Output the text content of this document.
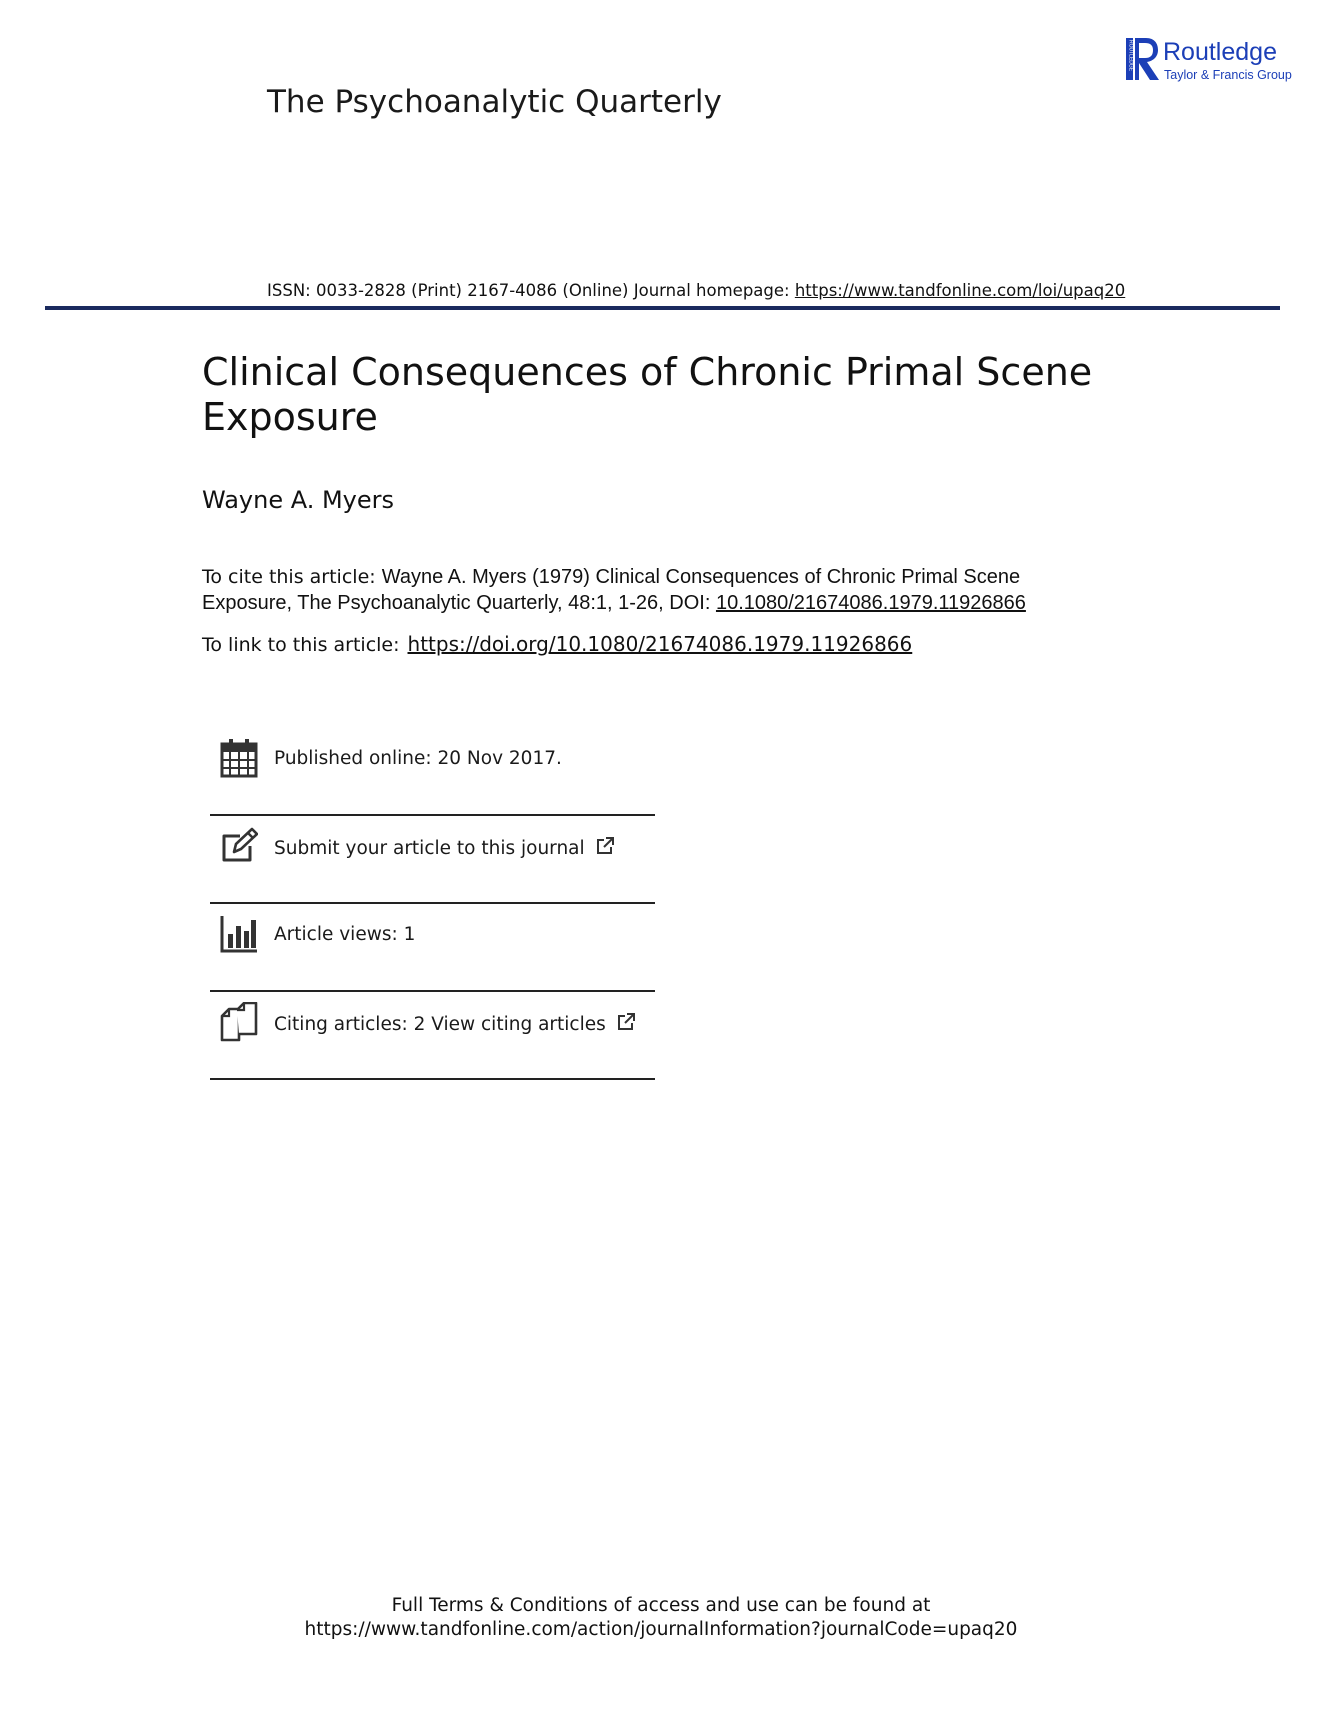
The Psychoanalytic Quarterly
ROUTLEDGE Routledge
Taylor & Francis Group
ISSN: 0033-2828 (Print) 2167-4086 (Online) Journal homepage: https://www.tandfonline.com/loi/upaq20
Clinical Consequences of Chronic Primal Scene Exposure
Wayne A. Myers
To cite this article: Wayne A. Myers (1979) Clinical Consequences of Chronic Primal Scene Exposure, The Psychoanalytic Quarterly, 48:1, 1-26, DOI: 10.1080/21674086.1979.11926866
To link to this article: https://doi.org/10.1080/21674086.1979.11926866
Published online: 20 Nov 2017.
Submit your article to this journal
Article views: 1
Citing articles: 2 View citing articles
Full Terms & Conditions of access and use can be found at
https://www.tandfonline.com/action/journalInformation?journalCode=upaq20
